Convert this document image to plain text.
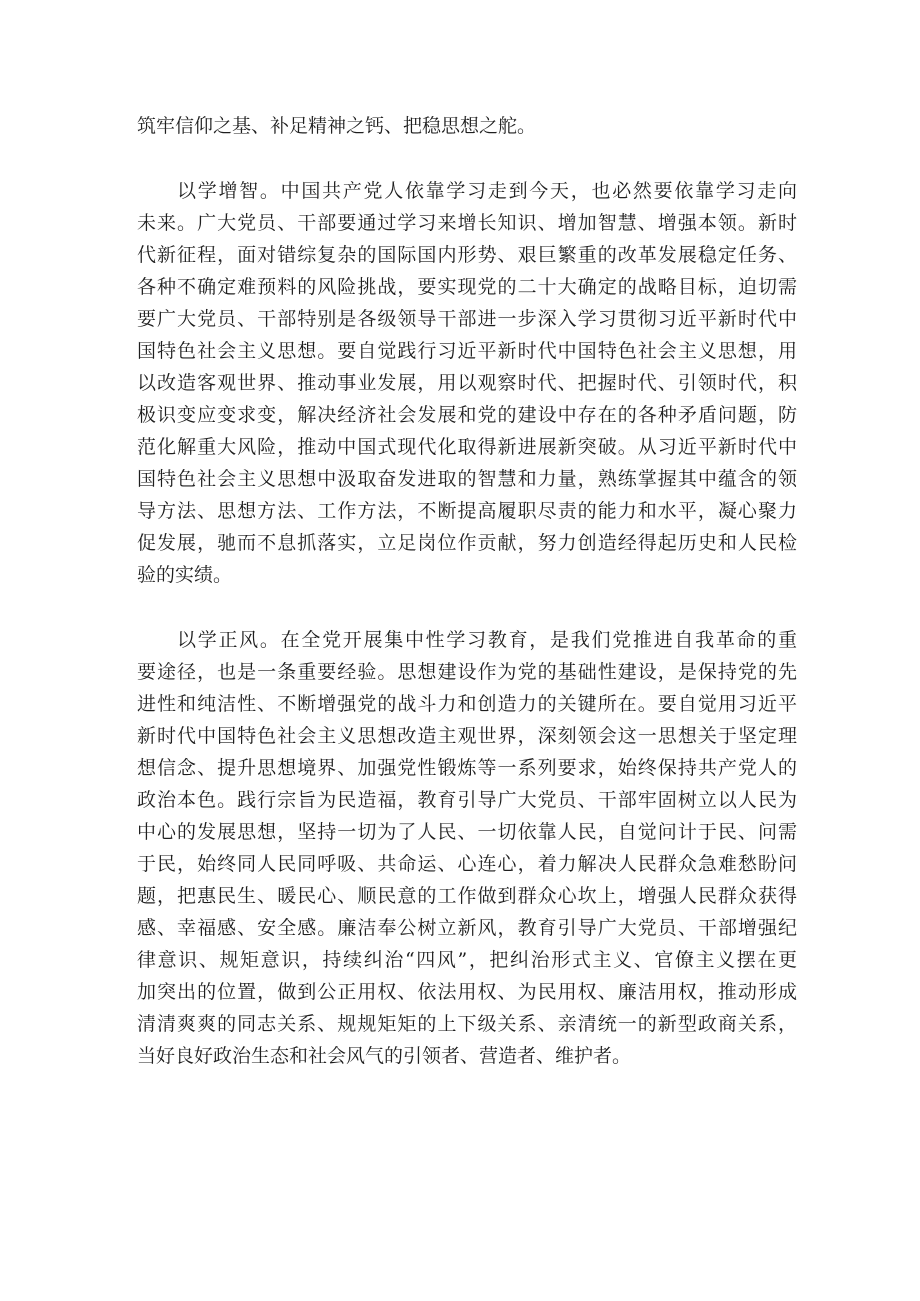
筑牢信仰之基、补足精神之钙、把稳思想之舵。

以学增智。中国共产党人依靠学习走到今天，也必然要依靠学习走向

未来。广大党员、干部要通过学习来增长知识、增加智慧、增强本领。新时

代新征程，面对错综复杂的国际国内形势、艰巨繁重的改革发展稳定任务、

各种不确定难预料的风险挑战，要实现党的二十大确定的战略目标，迫切需

要广大党员、干部特别是各级领导干部进一步深入学习贯彻习近平新时代中

国特色社会主义思想。要自觉践行习近平新时代中国特色社会主义思想，用

以改造客观世界、推动事业发展，用以观察时代、把握时代、引领时代，积

极识变应变求变，解决经济社会发展和党的建设中存在的各种矛盾问题，防

范化解重大风险，推动中国式现代化取得新进展新突破。从习近平新时代中

国特色社会主义思想中汲取奋发进取的智慧和力量，熟练掌握其中蕴含的领

导方法、思想方法、工作方法，不断提高履职尽责的能力和水平，凝心聚力

促发展，驰而不息抓落实，立足岗位作贡献，努力创造经得起历史和人民检

验的实绩。

以学正风。在全党开展集中性学习教育，是我们党推进自我革命的重

要途径，也是一条重要经验。思想建设作为党的基础性建设，是保持党的先

进性和纯洁性、不断增强党的战斗力和创造力的关键所在。要自觉用习近平

新时代中国特色社会主义思想改造主观世界，深刻领会这一思想关于坚定理

想信念、提升思想境界、加强党性锻炼等一系列要求，始终保持共产党人的

政治本色。践行宗旨为民造福，教育引导广大党员、干部牢固树立以人民为

中心的发展思想，坚持一切为了人民、一切依靠人民，自觉问计于民、问需

于民，始终同人民同呼吸、共命运、心连心，着力解决人民群众急难愁盼问

题，把惠民生、暖民心、顺民意的工作做到群众心坎上，增强人民群众获得

感、幸福感、安全感。廉洁奉公树立新风，教育引导广大党员、干部增强纪

律意识、规矩意识，持续纠治“四风”，把纠治形式主义、官僚主义摆在更

加突出的位置，做到公正用权、依法用权、为民用权、廉洁用权，推动形成

清清爽爽的同志关系、规规矩矩的上下级关系、亲清统一的新型政商关系，

当好良好政治生态和社会风气的引领者、营造者、维护者。
